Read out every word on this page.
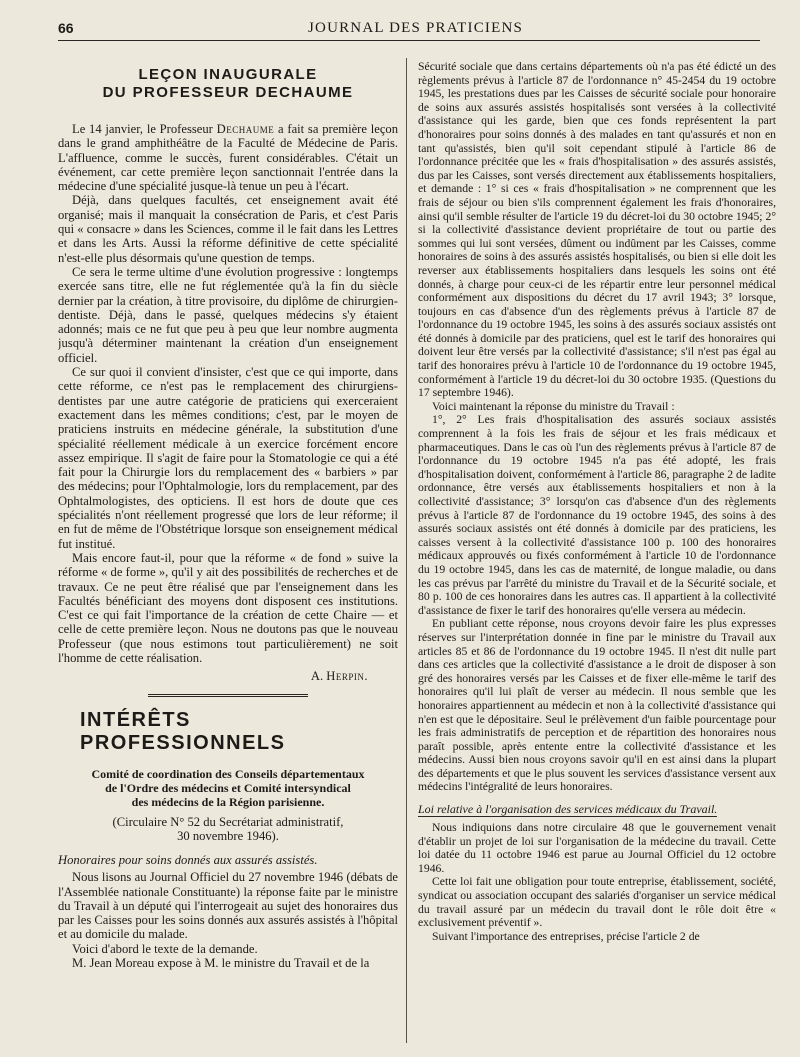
66	JOURNAL DES PRATICIENS
LEÇON INAUGURALE
DU PROFESSEUR DECHAUME

Le 14 janvier, le Professeur Dechaume a fait sa première leçon dans le grand amphithéâtre de la Faculté de Médecine de Paris. L'affluence, comme le succès, furent considérables. C'était un événement, car cette première leçon sanctionnait l'entrée dans la médecine d'une spécialité jusque-là tenue un peu à l'écart.

Déjà, dans quelques facultés, cet enseignement avait été organisé; mais il manquait la consécration de Paris, et c'est Paris qui « consacre » dans les Sciences, comme il le fait dans les Lettres et dans les Arts. Aussi la réforme définitive de cette spécialité n'est-elle plus désormais qu'une question de temps.

Ce sera le terme ultime d'une évolution progressive : longtemps exercée sans titre, elle ne fut réglementée qu'à la fin du siècle dernier par la création, à titre provisoire, du diplôme de chirurgien-dentiste. Déjà, dans le passé, quelques médecins s'y étaient adonnés; mais ce ne fut que peu à peu que leur nombre augmenta jusqu'à déterminer maintenant la création d'un enseignement officiel.

Ce sur quoi il convient d'insister, c'est que ce qui importe, dans cette réforme, ce n'est pas le remplacement des chirurgiens-dentistes par une autre catégorie de praticiens qui exerceraient exactement dans les mêmes conditions; c'est, par le moyen de praticiens instruits en médecine générale, la substitution d'une spécialité réellement médicale à un exercice forcément encore assez empirique. Il s'agit de faire pour la Stomatologie ce qui a été fait pour la Chirurgie lors du remplacement des « barbiers » par des médecins; pour l'Ophtalmologie, lors du remplacement, par des Ophtalmologistes, des opticiens. Il est hors de doute que ces spécialités n'ont réellement progressé que lors de leur réforme; il en fut de même de l'Obstétrique lorsque son enseignement médical fut institué.

Mais encore faut-il, pour que la réforme « de fond » suive la réforme « de forme », qu'il y ait des possibilités de recherches et de travaux. Ce ne peut être réalisé que par l'enseignement dans les Facultés bénéficiant des moyens dont disposent ces institutions. C'est ce qui fait l'importance de la création de cette Chaire — et celle de cette première leçon. Nous ne doutons pas que le nouveau Professeur (que nous estimons tout particulièrement) ne soit l'homme de cette réalisation.

A. Herpin.
INTÉRÊTS PROFESSIONNELS
Comité de coordination des Conseils départementaux
de l'Ordre des médecins et Comité intersyndical
des médecins de la Région parisienne.
(Circulaire N° 52 du Secrétariat administratif,
30 novembre 1946).
Honoraires pour soins donnés aux assurés assistés.

Nous lisons au Journal Officiel du 27 novembre 1946 (débats de l'Assemblée nationale Constituante) la réponse faite par le ministre du Travail à un député qui l'interrogeait au sujet des honoraires dus par les Caisses pour les soins donnés aux assurés assistés à l'hôpital et au domicile du malade.

Voici d'abord le texte de la demande.

M. Jean Moreau expose à M. le ministre du Travail et de la

Sécurité sociale que dans certains départements où n'a pas été édicté un des règlements prévus à l'article 87 de l'ordonnance n° 45-2454 du 19 octobre 1945, les prestations dues par les Caisses de sécurité sociale pour honoraire de soins aux assurés assistés hospitalisés sont versées à la collectivité d'assistance qui les garde, bien que ces fonds représentent la part d'honoraires pour soins donnés à des malades en tant qu'assurés et non en tant qu'assistés, bien qu'il soit cependant stipulé à l'article 86 de l'ordonnance précitée que les « frais d'hospitalisation » des assurés assistés, dus par les Caisses, sont versés directement aux établissements hospitaliers, et demande : 1° si ces « frais d'hospitalisation » ne comprennent que les frais de séjour ou bien s'ils comprennent également les frais d'honoraires, ainsi qu'il semble résulter de l'article 19 du décret-loi du 30 octobre 1945; 2° si la collectivité d'assistance devient propriétaire de tout ou partie des sommes qui lui sont versées, dûment ou indûment par les Caisses, comme honoraires de soins à des assurés assistés hospitalisés, ou bien si elle doit les reverser aux établissements hospitaliers dans lesquels les soins ont été donnés, à charge pour ceux-ci de les répartir entre leur personnel médical conformément aux dispositions du décret du 17 avril 1943; 3° lorsque, toujours en cas d'absence d'un des règlements prévus à l'article 87 de l'ordonnance du 19 octobre 1945, les soins à des assurés sociaux assistés ont été donnés à domicile par des praticiens, quel est le tarif des honoraires qui doivent leur être versés par la collectivité d'assistance; s'il n'est pas égal au tarif des honoraires prévu à l'article 10 de l'ordonnance du 19 octobre 1945, conformément à l'article 19 du décret-loi du 30 octobre 1935. (Questions du 17 septembre 1946).

Voici maintenant la réponse du ministre du Travail :

1°, 2° Les frais d'hospitalisation des assurés sociaux assistés comprennent à la fois les frais de séjour et les frais médicaux et pharmaceutiques. Dans le cas où l'un des règlements prévus à l'article 87 de l'ordonnance du 19 octobre 1945 n'a pas été adopté, les frais d'hospitalisation doivent, conformément à l'article 86, paragraphe 2 de ladite ordonnance, être versés aux établissements hospitaliers et non à la collectivité d'assistance; 3° lorsqu'on cas d'absence d'un des règlements prévus à l'article 87 de l'ordonnance du 19 octobre 1945, des soins à des assurés sociaux assistés ont été donnés à domicile par des praticiens, les caisses versent à la collectivité d'assistance 100 p. 100 des honoraires médicaux approuvés ou fixés conformément à l'article 10 de l'ordonnance du 19 octobre 1945, dans les cas de maternité, de longue maladie, ou dans les cas prévus par l'arrêté du ministre du Travail et de la Sécurité sociale, et 80 p. 100 de ces honoraires dans les autres cas. Il appartient à la collectivité d'assistance de fixer le tarif des honoraires qu'elle versera au médecin.

En publiant cette réponse, nous croyons devoir faire les plus expresses réserves sur l'interprétation donnée in fine par le ministre du Travail aux articles 85 et 86 de l'ordonnance du 19 octobre 1945. Il n'est dit nulle part dans ces articles que la collectivité d'assistance a le droit de disposer à son gré des honoraires versés par les Caisses et de fixer elle-même le tarif des honoraires qu'il lui plaît de verser au médecin. Il nous semble que les honoraires appartiennent au médecin et non à la collectivité d'assistance qui n'en est que le dépositaire. Seul le prélèvement d'un faible pourcentage pour les frais administratifs de perception et de répartition des honoraires nous paraît possible, après entente entre la collectivité d'assistance et les médecins. Aussi bien nous croyons savoir qu'il en est ainsi dans la plupart des départements et que le plus souvent les services d'assistance versent aux médecins l'intégralité de leurs honoraires.

Loi relative à l'organisation des services médicaux du Travail.

Nous indiquions dans notre circulaire 48 que le gouvernement venait d'établir un projet de loi sur l'organisation de la médecine du travail. Cette loi datée du 11 octobre 1946 est parue au Journal Officiel du 12 octobre 1946.

Cette loi fait une obligation pour toute entreprise, établissement, société, syndicat ou association occupant des salariés d'organiser un service médical du travail assuré par un médecin du travail dont le rôle doit être « exclusivement préventif ».

Suivant l'importance des entreprises, précise l'article 2 de
